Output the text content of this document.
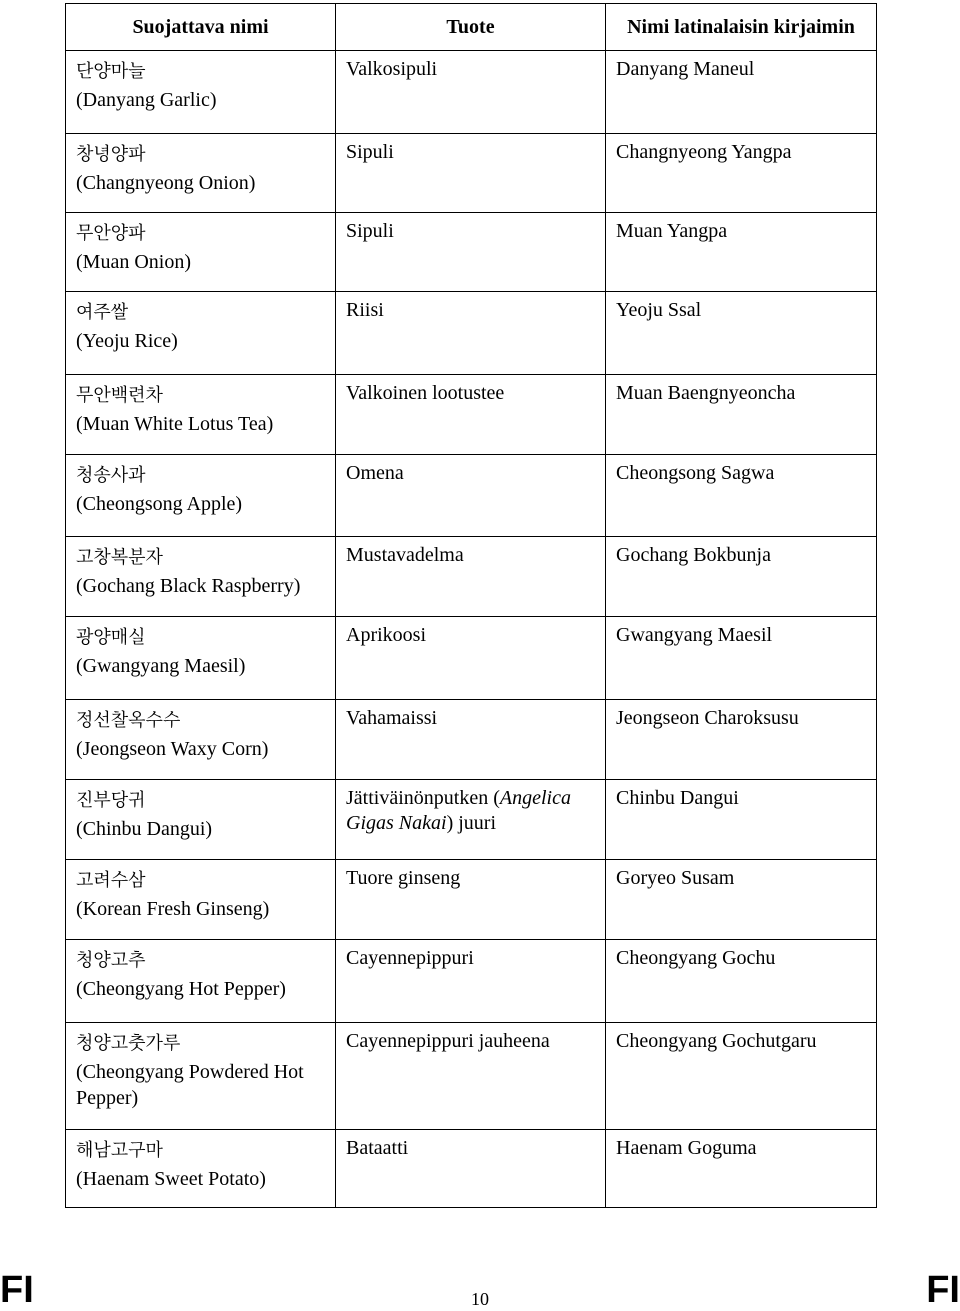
Suojattava nimi	Tuote	Nimi latinalaisin kirjaimin

단양마늘
(Danyang Garlic)	Valkosipuli	Danyang Maneul

창녕양파
(Changnyeong Onion)	Sipuli	Changnyeong Yangpa

무안양파
(Muan Onion)	Sipuli	Muan Yangpa

여주쌀
(Yeoju Rice)	Riisi	Yeoju Ssal

무안백련차
(Muan White Lotus Tea)	Valkoinen lootustee	Muan Baengnyeoncha

청송사과
(Cheongsong Apple)	Omena	Cheongsong Sagwa

고창복분자
(Gochang Black Raspberry)	Mustavadelma	Gochang Bokbunja

광양매실
(Gwangyang Maesil)	Aprikoosi	Gwangyang Maesil

정선찰옥수수
(Jeongseon Waxy Corn)	Vahamaissi	Jeongseon Charoksusu

진부당귀
(Chinbu Dangui)	Jättiväinönputken (Angelica Gigas Nakai) juuri	Chinbu Dangui

고려수삼
(Korean Fresh Ginseng)	Tuore ginseng	Goryeo Susam

청양고추
(Cheongyang Hot Pepper)	Cayennepippuri	Cheongyang Gochu

청양고춧가루
(Cheongyang Powdered Hot Pepper)	Cayennepippuri jauheena	Cheongyang Gochutgaru

해남고구마
(Haenam Sweet Potato)	Bataatti	Haenam Goguma
FI	10	FI
